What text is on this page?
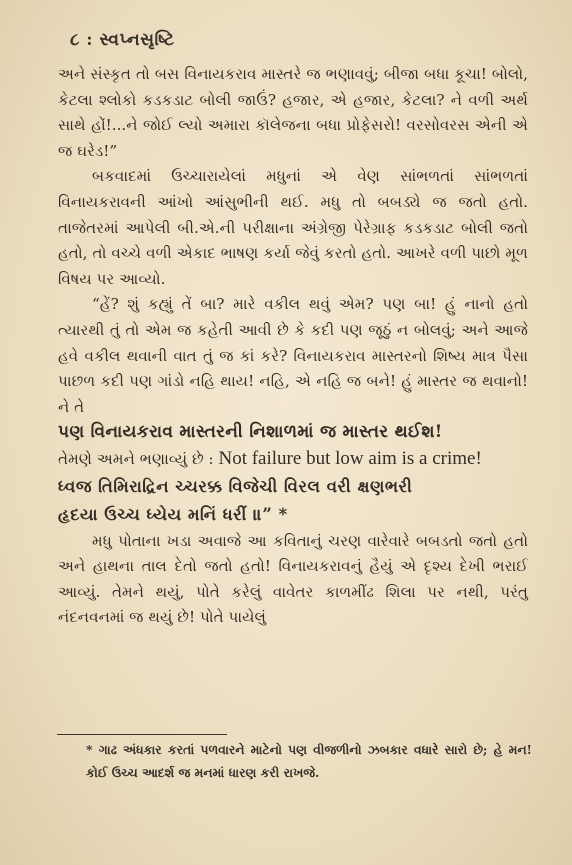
૮ : સ્વપ્નસૃષ્ટિ

અને સંસ્કૃત તો બસ વિનાયકરાવ માસ્તરે જ ભણાવવું; બીજા બધા કૂચા! બોલો, કેટલા શ્લોકો કડકડાટ બોલી જાઉં? હજાર, એ હજાર, કેટલા? ને વળી અર્થ સાથે હોં!...ને જોઈ લ્યો અમારા કૉલેજના બધા પ્રોફેસરો! વરસોવરસ એની એ જ ઘરેડ!”

બકવાદમાં ઉચ્ચારાયેલાં મધુનાં એ વેણ સાંભળતાં સાંભળતાં વિનાયકરાવની આંખો આંસુભીની થઈ. મધુ તો બબડ્યે જ જતો હતો. તાજેતરમાં આપેલી બી.એ.ની પરીક્ષાના અંગ્રેજી પેરેગ્રાફ કડકડાટ બોલી જતો હતો, તો વચ્ચે વળી એકાદ ભાષણ કર્યા જેવું કરતો હતો. આખરે વળી પાછો મૂળ વિષય પર આવ્યો.

“હેં? શું કહ્યું તેં બા? મારે વકીલ થવું એમ? પણ બા! હું નાનો હતો ત્યારથી તું તો એમ જ કહેતી આવી છે કે કદી પણ જૂઠું ન બોલવું; અને આજે હવે વકીલ થવાની વાત તું જ કાં કરે? વિનાયકરાવ માસ્તરનો શિષ્ય માત્ર પૈસા પાછળ કદી પણ ગાંડો નહિ થાય! નહિ, એ નહિ જ બને! હું માસ્તર જ થવાનો! ને તે

પણ વિનાયકરાવ માસ્તરની નિશાળમાં જ માસ્તર થઈશ!

તેમણે અમને ભણાવ્યું છે : Not failure but low aim is a crime!

ધ્વજ તિમિરાદ્રિન ચ્ચરક્ક વિજેચી વિરલ વરી ક્ષણભરી

હૃદયા ઉચ્ચ ધ્યેય મનિં ધરીં ॥” *

મધુ પોતાના ખડા અવાજે આ કવિતાનું ચરણ વારેવારે બબડતો જતો હતો અને હાથના તાલ દેતો જતો હતો! વિનાયકરાવનું હૈયું એ દૃશ્ય દેખી ભરાઈ આવ્યું. તેમને થયું, પોતે કરેલું વાવેતર કાળમીંઢ શિલા પર નથી, પરંતુ નંદનવનમાં જ થયું છે! પોતે પાયેલું

* ગાઢ અંધકાર કરતાં પળવારને માટેનો પણ વીજળીનો ઝબકાર વધારે સારો છે; હે મન! કોઈ ઉચ્ચ આદર્શ જ મનમાં ધારણ કરી રાખજે.
